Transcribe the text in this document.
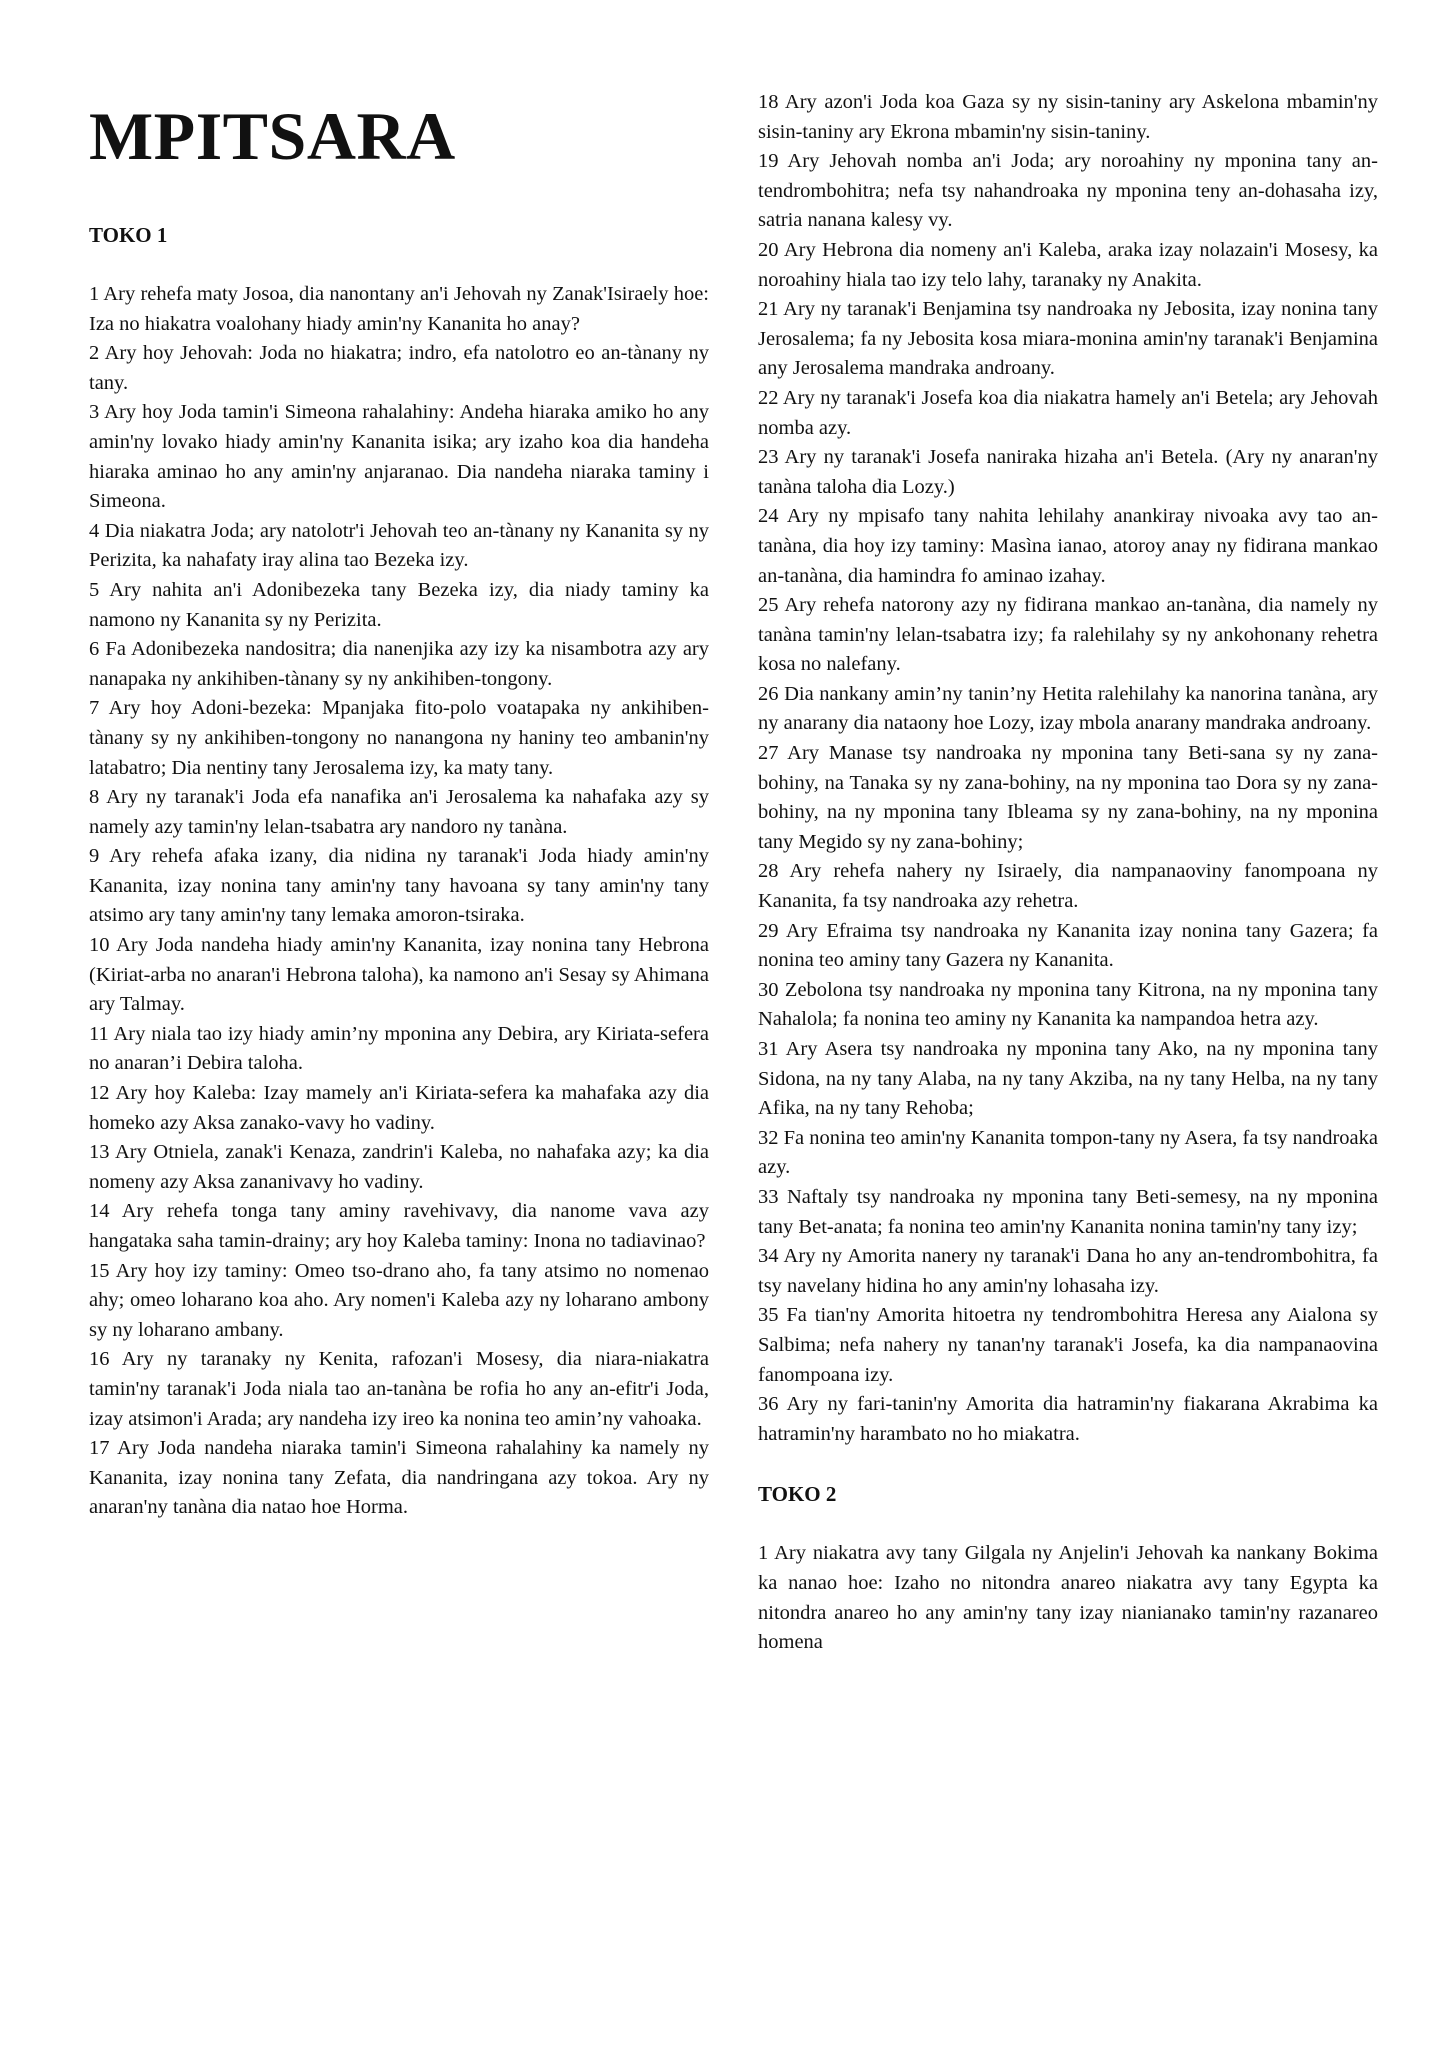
MPITSARA

TOKO 1

1 Ary rehefa maty Josoa, dia nanontany an'i Jehovah ny Zanak'Isiraely hoe: Iza no hiakatra voalohany hiady amin'ny Kananita ho anay?

2 Ary hoy Jehovah: Joda no hiakatra; indro, efa natolotro eo an-tànany ny tany.

3 Ary hoy Joda tamin'i Simeona rahalahiny: Andeha hiaraka amiko ho any amin'ny lovako hiady amin'ny Kananita isika; ary izaho koa dia handeha hiaraka aminao ho any amin'ny anjaranao. Dia nandeha niaraka taminy i Simeona.

4 Dia niakatra Joda; ary natolotr'i Jehovah teo an-tànany ny Kananita sy ny Perizita, ka nahafaty iray alina tao Bezeka izy.

5 Ary nahita an'i Adonibezeka tany Bezeka izy, dia niady taminy ka namono ny Kananita sy ny Perizita.

6 Fa Adonibezeka nandositra; dia nanenjika azy izy ka nisambotra azy ary nanapaka ny ankihiben-tànany sy ny ankihiben-tongony.

7 Ary hoy Adoni-bezeka: Mpanjaka fito-polo voatapaka ny ankihiben-tànany sy ny ankihiben-tongony no nanangona ny haniny teo ambanin'ny latabatro; Dia nentiny tany Jerosalema izy, ka maty tany.

8 Ary ny taranak'i Joda efa nanafika an'i Jerosalema ka nahafaka azy sy namely azy tamin'ny lelan-tsabatra ary nandoro ny tanàna.

9 Ary rehefa afaka izany, dia nidina ny taranak'i Joda hiady amin'ny Kananita, izay nonina tany amin'ny tany havoana sy tany amin'ny tany atsimo ary tany amin'ny tany lemaka amoron-tsiraka.

10 Ary Joda nandeha hiady amin'ny Kananita, izay nonina tany Hebrona (Kiriat-arba no anaran'i Hebrona taloha), ka namono an'i Sesay sy Ahimana ary Talmay.

11 Ary niala tao izy hiady amin’ny mponina any Debira, ary Kiriata-sefera no anaran’i Debira taloha.

12 Ary hoy Kaleba: Izay mamely an'i Kiriata-sefera ka mahafaka azy dia homeko azy Aksa zanako-vavy ho vadiny.

13 Ary Otniela, zanak'i Kenaza, zandrin'i Kaleba, no nahafaka azy; ka dia nomeny azy Aksa zananivavy ho vadiny.

14 Ary rehefa tonga tany aminy ravehivavy, dia nanome vava azy hangataka saha tamin-drainy; ary hoy Kaleba taminy: Inona no tadiavinao?

15 Ary hoy izy taminy: Omeo tso-drano aho, fa tany atsimo no nomenao ahy; omeo loharano koa aho. Ary nomen'i Kaleba azy ny loharano ambony sy ny loharano ambany.

16 Ary ny taranaky ny Kenita, rafozan'i Mosesy, dia niara-niakatra tamin'ny taranak'i Joda niala tao an-tanàna be rofia ho any an-efitr'i Joda, izay atsimon'i Arada; ary nandeha izy ireo ka nonina teo amin’ny vahoaka.

17 Ary Joda nandeha niaraka tamin'i Simeona rahalahiny ka namely ny Kananita, izay nonina tany Zefata, dia nandringana azy tokoa. Ary ny anaran'ny tanàna dia natao hoe Horma.

18 Ary azon'i Joda koa Gaza sy ny sisin-taniny ary Askelona mbamin'ny sisin-taniny ary Ekrona mbamin'ny sisin-taniny.

19 Ary Jehovah nomba an'i Joda; ary noroahiny ny mponina tany an-tendrombohitra; nefa tsy nahandroaka ny mponina teny an-dohasaha izy, satria nanana kalesy vy.

20 Ary Hebrona dia nomeny an'i Kaleba, araka izay nolazain'i Mosesy, ka noroahiny hiala tao izy telo lahy, taranaky ny Anakita.

21 Ary ny taranak'i Benjamina tsy nandroaka ny Jebosita, izay nonina tany Jerosalema; fa ny Jebosita kosa miara-monina amin'ny taranak'i Benjamina any Jerosalema mandraka androany.

22 Ary ny taranak'i Josefa koa dia niakatra hamely an'i Betela; ary Jehovah nomba azy.

23 Ary ny taranak'i Josefa naniraka hizaha an'i Betela. (Ary ny anaran'ny tanàna taloha dia Lozy.)

24 Ary ny mpisafo tany nahita lehilahy anankiray nivoaka avy tao an-tanàna, dia hoy izy taminy: Masìna ianao, atoroy anay ny fidirana mankao an-tanàna, dia hamindra fo aminao izahay.

25 Ary rehefa natorony azy ny fidirana mankao an-tanàna, dia namely ny tanàna tamin'ny lelan-tsabatra izy; fa ralehilahy sy ny ankohonany rehetra kosa no nalefany.

26 Dia nankany amin’ny tanin’ny Hetita ralehilahy ka nanorina tanàna, ary ny anarany dia nataony hoe Lozy, izay mbola anarany mandraka androany.

27 Ary Manase tsy nandroaka ny mponina tany Beti-sana sy ny zana-bohiny, na Tanaka sy ny zana-bohiny, na ny mponina tao Dora sy ny zana-bohiny, na ny mponina tany Ibleama sy ny zana-bohiny, na ny mponina tany Megido sy ny zana-bohiny;

28 Ary rehefa nahery ny Isiraely, dia nampanaoviny fanompoana ny Kananita, fa tsy nandroaka azy rehetra.

29 Ary Efraima tsy nandroaka ny Kananita izay nonina tany Gazera; fa nonina teo aminy tany Gazera ny Kananita.

30 Zebolona tsy nandroaka ny mponina tany Kitrona, na ny mponina tany Nahalola; fa nonina teo aminy ny Kananita ka nampandoa hetra azy.

31 Ary Asera tsy nandroaka ny mponina tany Ako, na ny mponina tany Sidona, na ny tany Alaba, na ny tany Akziba, na ny tany Helba, na ny tany Afika, na ny tany Rehoba;

32 Fa nonina teo amin'ny Kananita tompon-tany ny Asera, fa tsy nandroaka azy.

33 Naftaly tsy nandroaka ny mponina tany Beti-semesy, na ny mponina tany Bet-anata; fa nonina teo amin'ny Kananita nonina tamin'ny tany izy;

34 Ary ny Amorita nanery ny taranak'i Dana ho any an-tendrombohitra, fa tsy navelany hidina ho any amin'ny lohasaha izy.

35 Fa tian'ny Amorita hitoetra ny tendrombohitra Heresa any Aialona sy Salbima; nefa nahery ny tanan'ny taranak'i Josefa, ka dia nampanaovina fanompoana izy.

36 Ary ny fari-tanin'ny Amorita dia hatramin'ny fiakarana Akrabima ka hatramin'ny harambato no ho miakatra.

TOKO 2

1 Ary niakatra avy tany Gilgala ny Anjelin'i Jehovah ka nankany Bokima ka nanao hoe: Izaho no nitondra anareo niakatra avy tany Egypta ka nitondra anareo ho any amin'ny tany izay nianianako tamin'ny razanareo homena
